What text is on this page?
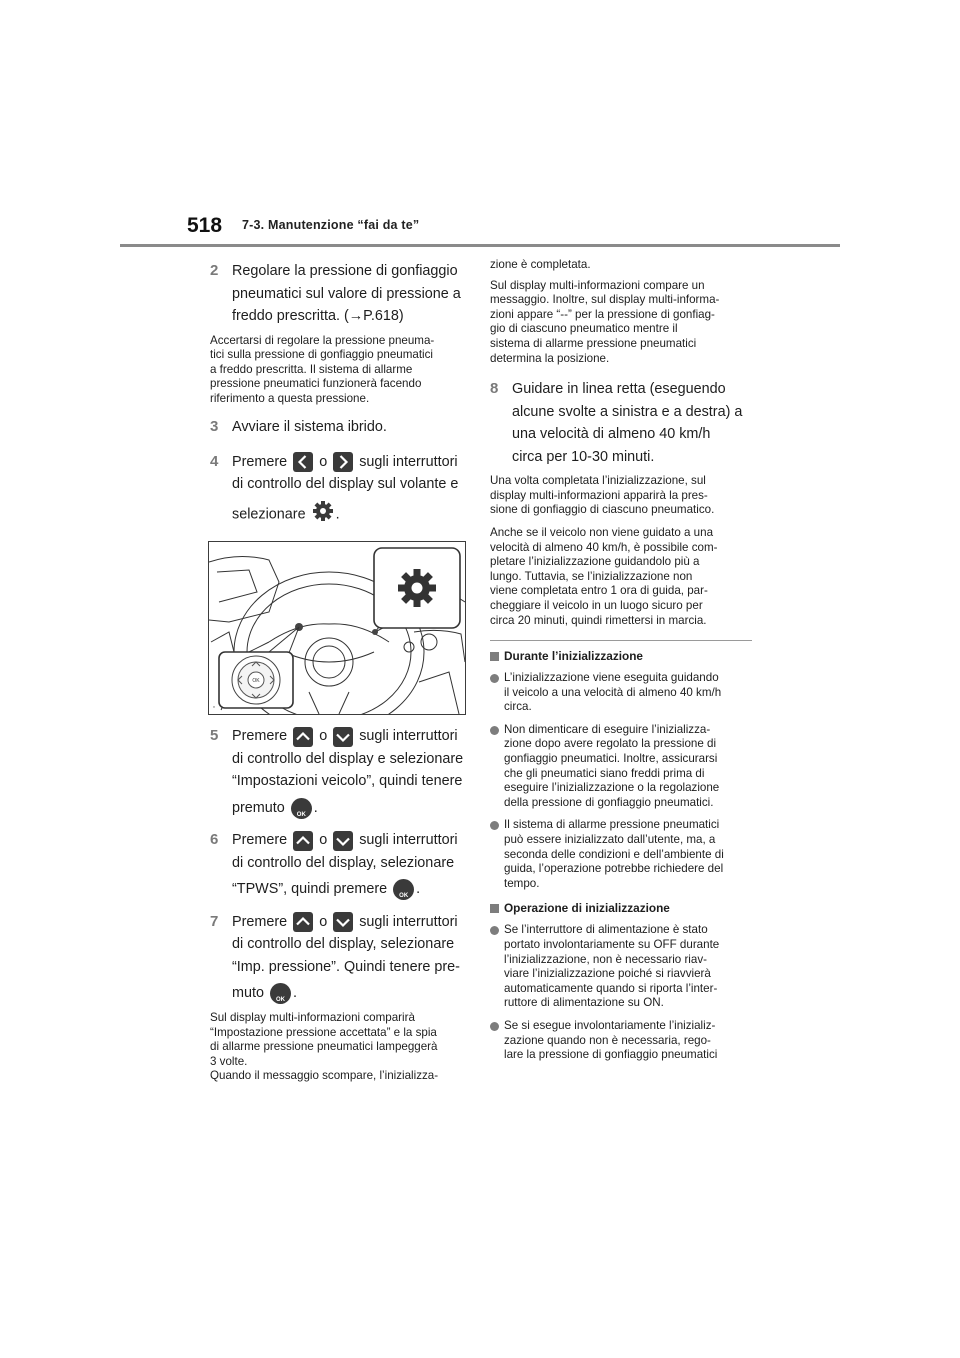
518 7-3. Manutenzione “fai da te”
2 Regolare la pressione di gonfiaggio
pneumatici sul valore di pressione a
freddo prescritta. (→P.618)
Accertarsi di regolare la pressione pneuma-
tici sulla pressione di gonfiaggio pneumatici
a freddo prescritta. Il sistema di allarme
pressione pneumatici funzionerà facendo
riferimento a questa pressione.
3 Avviare il sistema ibrido.
4 Premere o sugli interruttori
di controllo del display sul volante e
selezionare .
OK
*
5 Premere o sugli interruttori
di controllo del display e selezionare
“Impostazioni veicolo”, quindi tenere
premuto	OK .
6 Premere o sugli interruttori
di controllo del display, selezionare
“TPWS”, quindi premere	OK .
7 Premere o sugli interruttori
di controllo del display, selezionare
“Imp. pressione”. Quindi tenere pre-
muto	OK .
Sul display multi-informazioni comparirà
“Impostazione pressione accettata” e la spia
di allarme pressione pneumatici lampeggerà
3 volte.
Quando il messaggio scompare, l’inizializza-

zione è completata.

Sul display multi-informazioni compare un
messaggio. Inoltre, sul display multi-informa-
zioni appare “--” per la pressione di gonfiag-
gio di ciascuno pneumatico mentre il
sistema di allarme pressione pneumatici
determina la posizione.
8 Guidare in linea retta (eseguendo
alcune svolte a sinistra e a destra) a
una velocità di almeno 40 km/h
circa per 10-30 minuti.

Una volta completata l’inizializzazione, sul
display multi-informazioni apparirà la pres-
sione di gonfiaggio di ciascuno pneumatico.

Anche se il veicolo non viene guidato a una
velocità di almeno 40 km/h, è possibile com-
pletare l’inizializzazione guidandolo più a
lungo. Tuttavia, se l’inizializzazione non
viene completata entro 1 ora di guida, par-
cheggiare il veicolo in un luogo sicuro per
circa 20 minuti, quindi rimettersi in marcia.

Durante l’inizializzazione
L’inizializzazione viene eseguita guidando
il veicolo a una velocità di almeno 40 km/h
circa.
Non dimenticare di eseguire l’inizializza-
zione dopo avere regolato la pressione di
gonfiaggio pneumatici. Inoltre, assicurarsi
che gli pneumatici siano freddi prima di
eseguire l’inizializzazione o la regolazione
della pressione di gonfiaggio pneumatici.
Il sistema di allarme pressione pneumatici
può essere inizializzato dall’utente, ma, a
seconda delle condizioni e dell’ambiente di
guida, l’operazione potrebbe richiedere del
tempo.
Operazione di inizializzazione
Se l’interruttore di alimentazione è stato
portato involontariamente su OFF durante
l’inizializzazione, non è necessario riav-
viare l’inizializzazione poiché si riavvierà
automaticamente quando si riporta l’inter-
ruttore di alimentazione su ON.
Se si esegue involontariamente l’inizializ-
zazione quando non è necessaria, rego-
lare la pressione di gonfiaggio pneumatici
